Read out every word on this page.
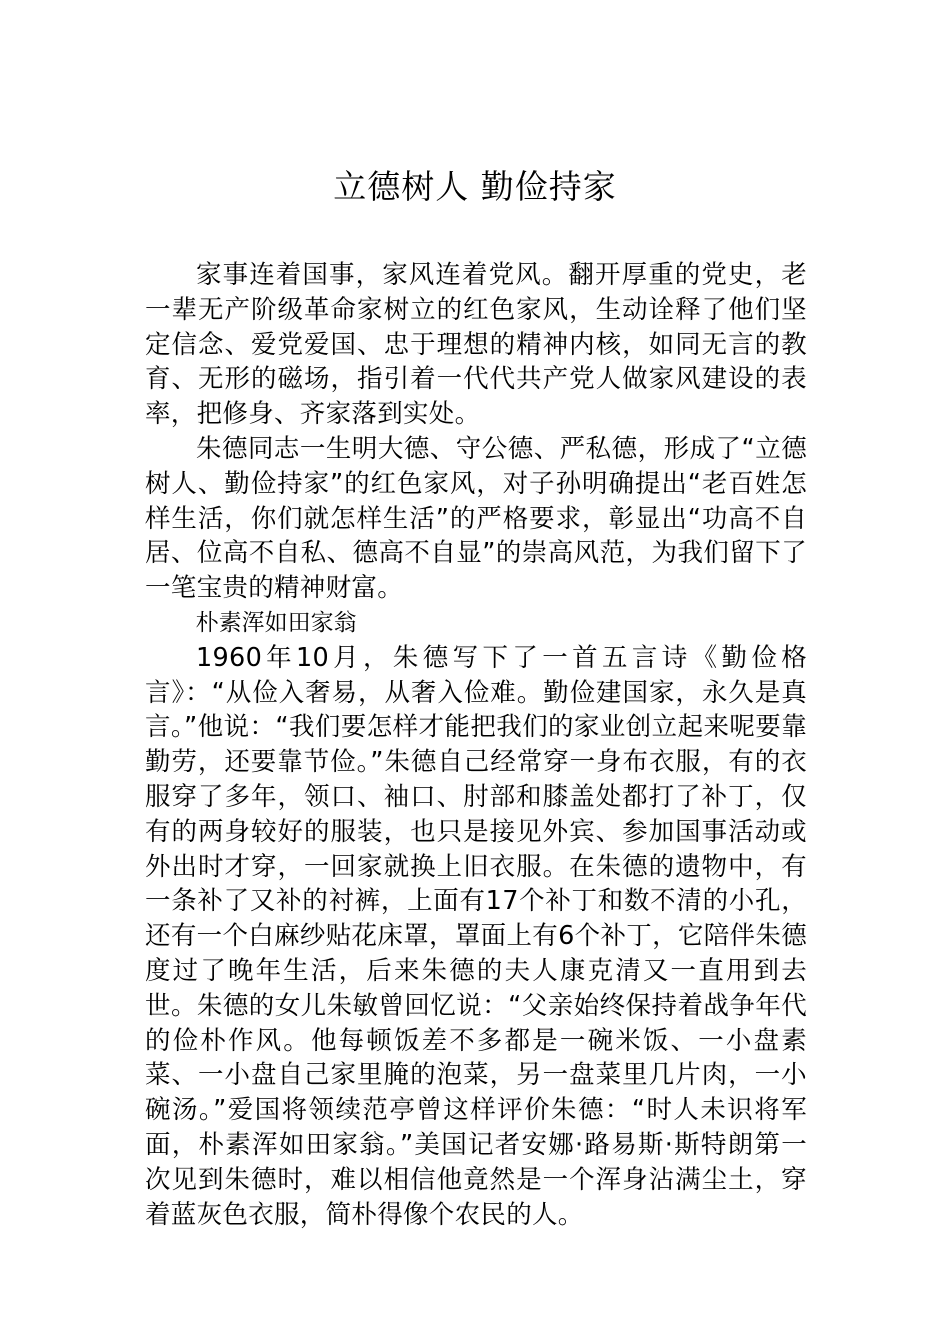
立德树人 勤俭持家

家事连着国事，家风连着党风。翻开厚重的党史，老一辈无产阶级革命家树立的红色家风，生动诠释了他们坚定信念、爱党爱国、忠于理想的精神内核，如同无言的教育、无形的磁场，指引着一代代共产党人做家风建设的表率，把修身、齐家落到实处。

朱德同志一生明大德、守公德、严私德，形成了“立德树人、勤俭持家”的红色家风，对子孙明确提出“老百姓怎样生活，你们就怎样生活”的严格要求，彰显出“功高不自居、位高不自私、德高不自显”的崇高风范，为我们留下了一笔宝贵的精神财富。

朴素浑如田家翁

1960年10月，朱德写下了一首五言诗《勤俭格言》：“从俭入奢易，从奢入俭难。勤俭建国家，永久是真言。”他说：“我们要怎样才能把我们的家业创立起来呢要靠勤劳，还要靠节俭。”朱德自己经常穿一身布衣服，有的衣服穿了多年，领口、袖口、肘部和膝盖处都打了补丁，仅有的两身较好的服装，也只是接见外宾、参加国事活动或外出时才穿，一回家就换上旧衣服。在朱德的遗物中，有一条补了又补的衬裤，上面有17个补丁和数不清的小孔，还有一个白麻纱贴花床罩，罩面上有6个补丁，它陪伴朱德度过了晚年生活，后来朱德的夫人康克清又一直用到去世。朱德的女儿朱敏曾回忆说：“父亲始终保持着战争年代的俭朴作风。他每顿饭差不多都是一碗米饭、一小盘素菜、一小盘自己家里腌的泡菜，另一盘菜里几片肉，一小碗汤。”爱国将领续范亭曾这样评价朱德：“时人未识将军面，朴素浑如田家翁。”美国记者安娜·路易斯·斯特朗第一次见到朱德时，难以相信他竟然是一个浑身沾满尘土，穿着蓝灰色衣服，简朴得像个农民的人。
